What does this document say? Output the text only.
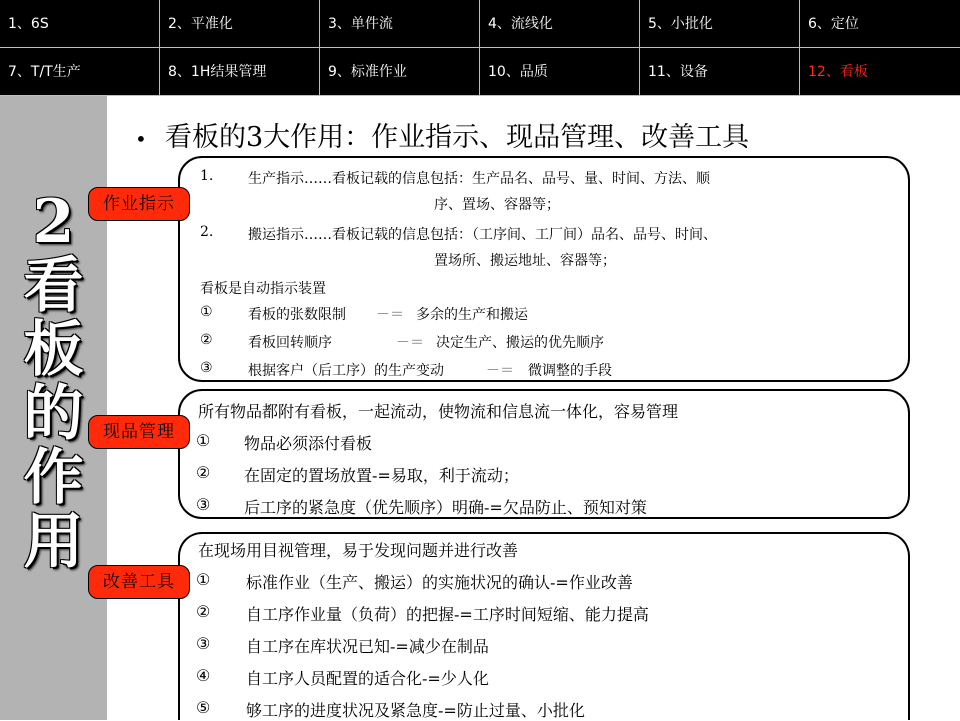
1、6S	2、平准化	3、单件流	4、流线化	5、小批化	6、定位
7、T/T生产	8、1H结果管理	9、标准作业	10、品质	11、设备	12、看板
2
看
板
的
作
用
• 看板的3大作用：作业指示、现品管理、改善工具
1. 生产指示……看板记载的信息包括：生产品名、品号、量、时间、方法、顺
序、置场、容器等；
2. 搬运指示……看板记载的信息包括：（工序间、工厂间）品名、品号、时间、
置场所、搬运地址、容器等；
看板是自动指示装置
①	看板的张数限制 －＝ 多余的生产和搬运
②	看板回转顺序	－＝ 决定生产、搬运的优先顺序
③	根据客户（后工序）的生产变动	－＝ 微调整的手段
所有物品都附有看板，一起流动，使物流和信息流一体化，容易管理
① 物品必须添付看板
② 在固定的置场放置-=易取，利于流动；
③ 后工序的紧急度（优先顺序）明确-=欠品防止、预知对策
在现场用目视管理，易于发现问题并进行改善
① 标准作业（生产、搬运）的实施状况的确认-=作业改善
② 自工序作业量（负荷）的把握-=工序时间短缩、能力提高
③ 自工序在库状况已知-=减少在制品
④ 自工序人员配置的适合化-=少人化
⑤ 够工序的进度状况及紧急度-=防止过量、小批化
作业指示
现品管理
改善工具
